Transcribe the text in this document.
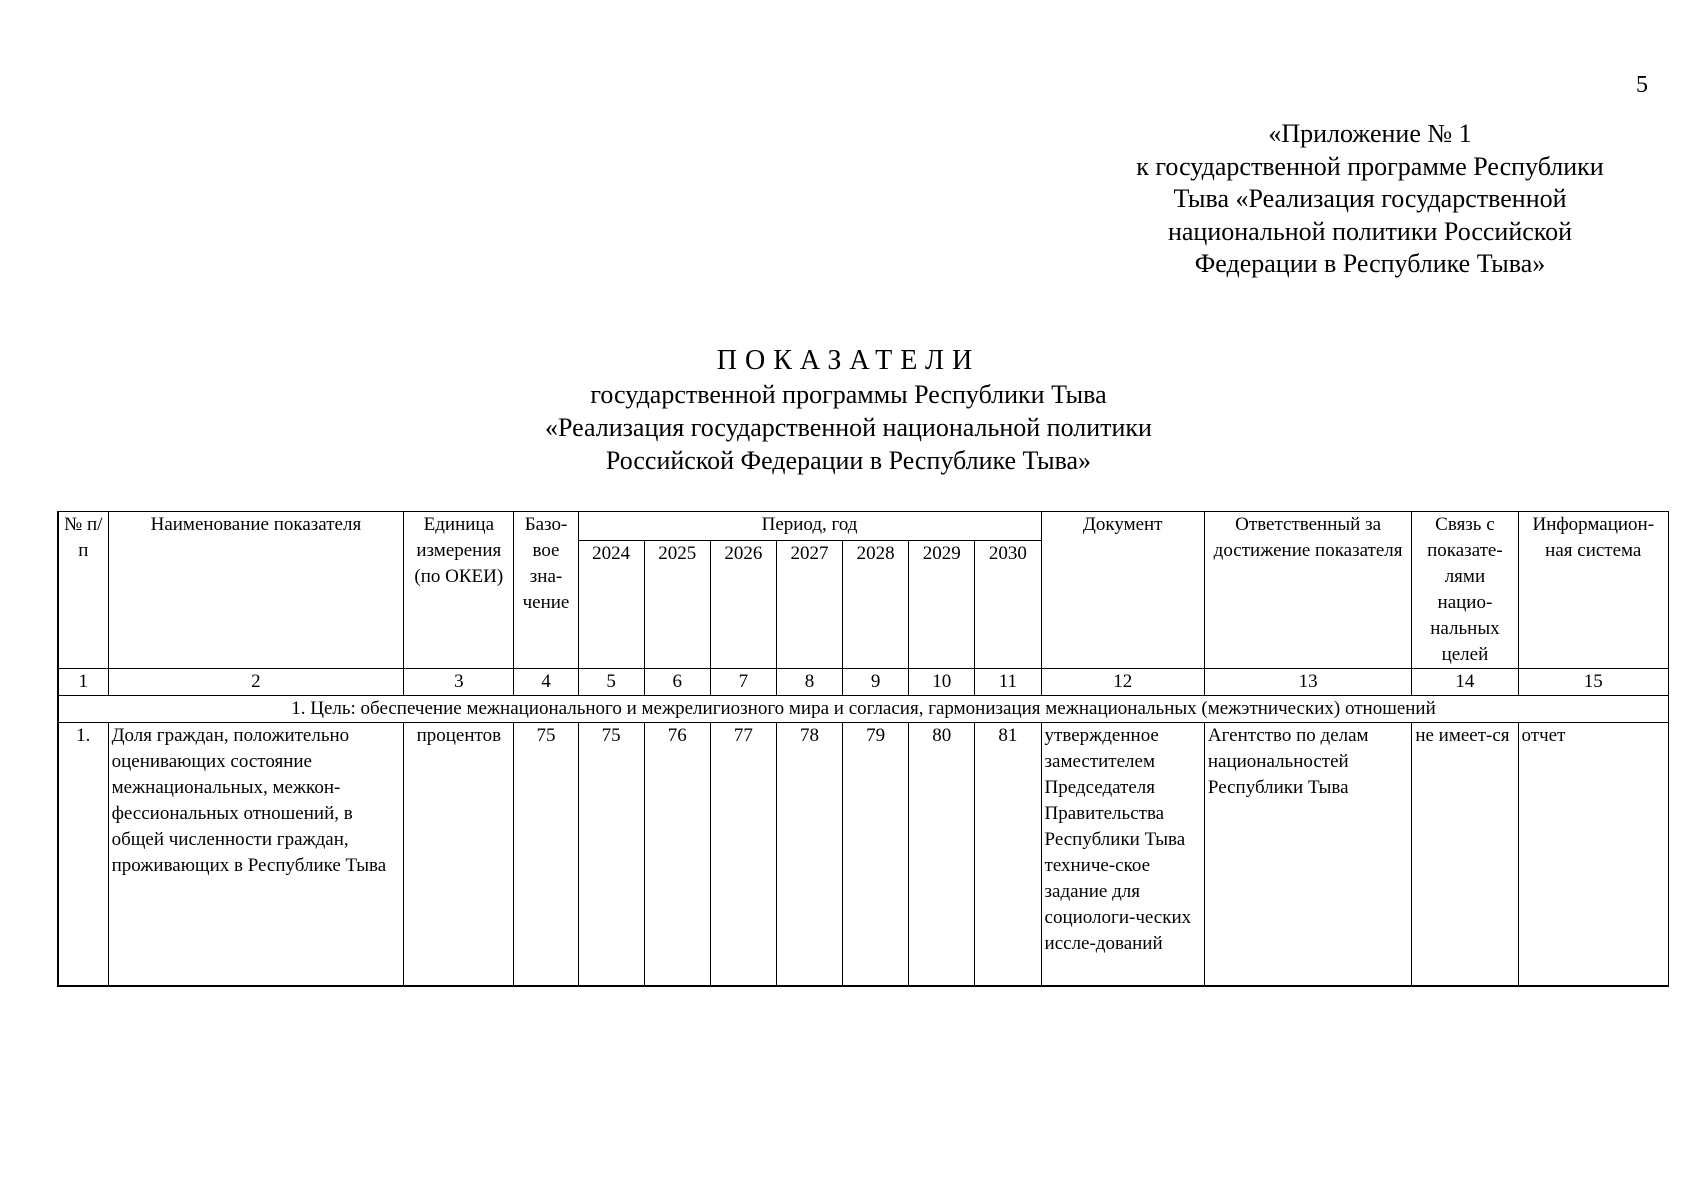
5
«Приложение № 1
к государственной программе Республики
Тыва «Реализация государственной
национальной политики Российской
Федерации в Республике Тыва»
ПОКАЗАТЕЛИ
государственной программы Республики Тыва
«Реализация государственной национальной политики
Российской Федерации в Республике Тыва»
№ п/п	Наименование показателя	Единица измерения (по ОКЕИ)	Базо-вое зна-чение	Период, год							Документ	Ответственный за достижение показателя	Связь с показате-лями нацио-нальных целей	Информацион-ная система
				2024	2025	2026	2027	2028	2029	2030				
1	2	3	4	5	6	7	8	9	10	11	12	13	14	15
1. Цель: обеспечение межнационального и межрелигиозного мира и согласия, гармонизация межнациональных (межэтнических) отношений														
1.	Доля граждан, положительно оценивающих состояние межнациональных, межкон-фессиональных отношений, в общей численности граждан, проживающих в Республике Тыва	процентов	75	75	76	77	78	79	80	81	утвержденное заместителем Председателя Правительства Республики Тыва техниче-ское задание для социологи-ческих иссле-дований	Агентство по делам национальностей Республики Тыва	не имеет-ся	отчет
